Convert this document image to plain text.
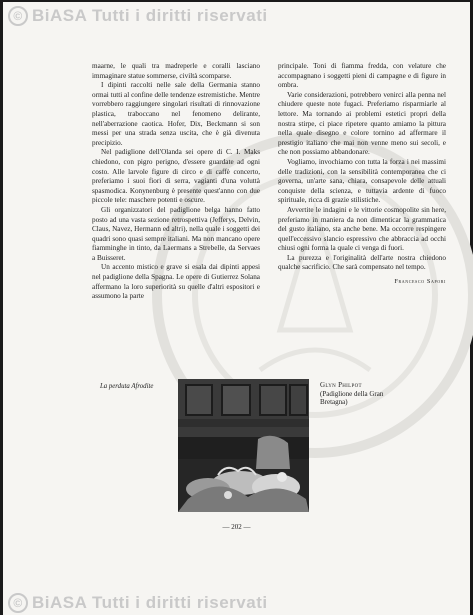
© BiASA Tutti i diritti riservati

maarne, le quali tra madreperle e coralli lasciano immaginare statue sommerse, civiltà scomparse.

I dipinti raccolti nelle sale della Germania stanno ormai tutti al confine delle tendenze estremistiche. Mentre vorrebbero raggiungere singolari risultati di rinnovazione plastica, traboccano nel fenomeno delirante, nell'aberrazione caotica. Hofer, Dix, Beckmann si son messi per una strada senza uscita, che è già divenuta precipizio.

Nel padiglione dell'Olanda sei opere di C. I. Maks chiedono, con pigro perigno, d'essere guardate ad ogni costo. Alle larvole figure di circo e di caffè concerto, preferiamo i suoi fiori di serra, vagianti d'una voluttà spasmodica. Konynenburg è presente quest'anno con due piccole tele: maschere potenti e oscure.

Gli organizzatori del padiglione belga hanno fatto posto ad una vasta sezione retrospettiva (Jefferys, Delvin, Claus, Navez, Hermann ed altri), nella quale i soggetti dei quadri sono quasi sempre italiani. Ma non mancano opere fiamminghe in tinto, da Laermans a Strebelle, da Servaes a Buisseret.

Un accento mistico e grave si esala dai dipinti appesi nel padiglione della Spagna. Le opere di Gutierrez Solana affermano la loro superiorità su quelle d'altri espositori e assumono la parte

principale. Toni di fiamma fredda, con velature che accompagnano i soggetti pieni di campagne e di figure in ombra.

Varie considerazioni, potrebbero venirci alla penna nel chiudere queste note fugaci. Preferiamo risparmiarle al lettore. Ma tornando ai problemi estetici propri della nostra stirpe, ci piace ripetere quanto amiamo la pittura nella quale disegno e colore tornino ad affermare il prestigio italiano che mai non venne meno sui secoli, e che non possiamo abbandonare.

Vogliamo, invochiamo con tutta la forza i nei massimi delle tradizioni, con la sensibilità contemporanea che ci governa, un'arte sana, chiara, consapevole delle attuali conquiste della scienza, e tuttavia ardente di fuoco spirituale, ricca di grazie stilistiche.

Avvertite le indagini e le vittorie cosmopolite sin here, preferiamo in maniera da non dimenticar la grammatica del gusto italiano, sta anche bene. Ma occorre respingere quell'eccessivo slancio espressivo che abbraccia ad occhi chiusi ogni forma la quale ci venga di fuori.

La purezza e l'originalità dell'arte nostra chiedono qualche sacrificio. Che sarà compensato nel tempo.

Francesco Sapori
La perduta Afrodite	Glyn Philpot
(Padiglione della Gran
Bretagna)
— 202 —
© BiASA Tutti i diritti riservati
